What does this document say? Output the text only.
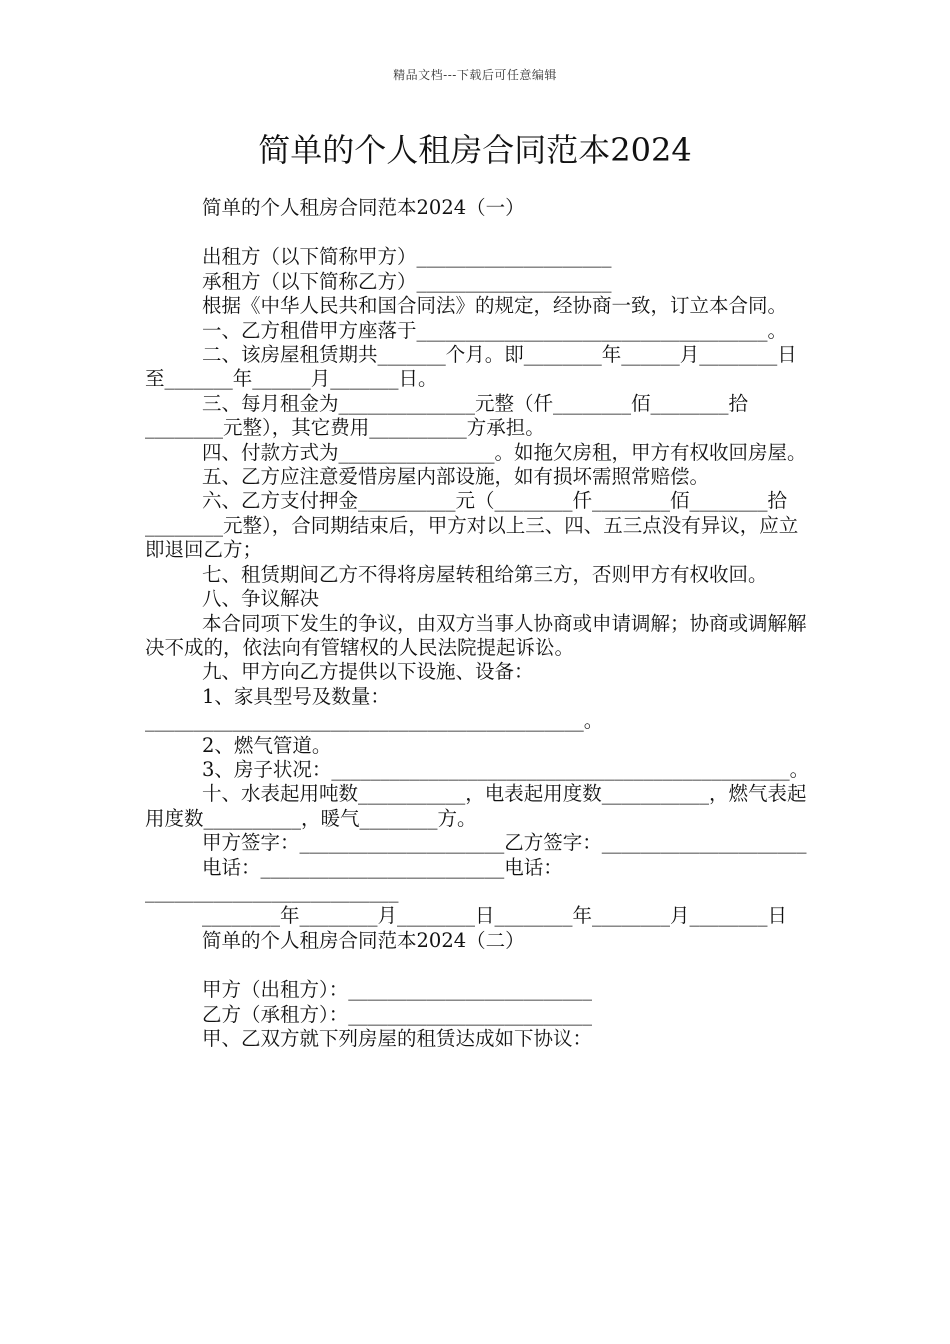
精品文档---下载后可任意编辑
简单的个人租房合同范本2024

简单的个人租房合同范本2024（一）

出租方（以下简称甲方）____________________

承租方（以下简称乙方）____________________

根据《中华人民共和国合同法》的规定，经协商一致，订立本合同。

一、乙方租借甲方座落于____________________________________。

二、该房屋租赁期共_______个月。即________年______月________日至_______年______月_______日。

三、每月租金为______________元整（仟________佰________拾________元整），其它费用__________方承担。

四、付款方式为________________。如拖欠房租，甲方有权收回房屋。

五、乙方应注意爱惜房屋内部设施，如有损坏需照常赔偿。

六、乙方支付押金__________元（________仟________佰________拾________元整），合同期结束后，甲方对以上三、四、五三点没有异议，应立即退回乙方；

七、租赁期间乙方不得将房屋转租给第三方，否则甲方有权收回。

八、争议解决

本合同项下发生的争议，由双方当事人协商或申请调解；协商或调解解决不成的，依法向有管辖权的人民法院提起诉讼。

九、甲方向乙方提供以下设施、设备：

1、家具型号及数量：_____________________________________________。

2、燃气管道。

3、房子状况：_______________________________________________。

十、水表起用吨数___________，电表起用度数___________，燃气表起用度数__________，暖气________方。

甲方签字：_____________________乙方签字：_____________________

电话：_________________________电话：__________________________

________年________月________日________年________月________日

简单的个人租房合同范本2024（二）

甲方（出租方）：_________________________

乙方（承租方）：_________________________

甲、乙双方就下列房屋的租赁达成如下协议：
